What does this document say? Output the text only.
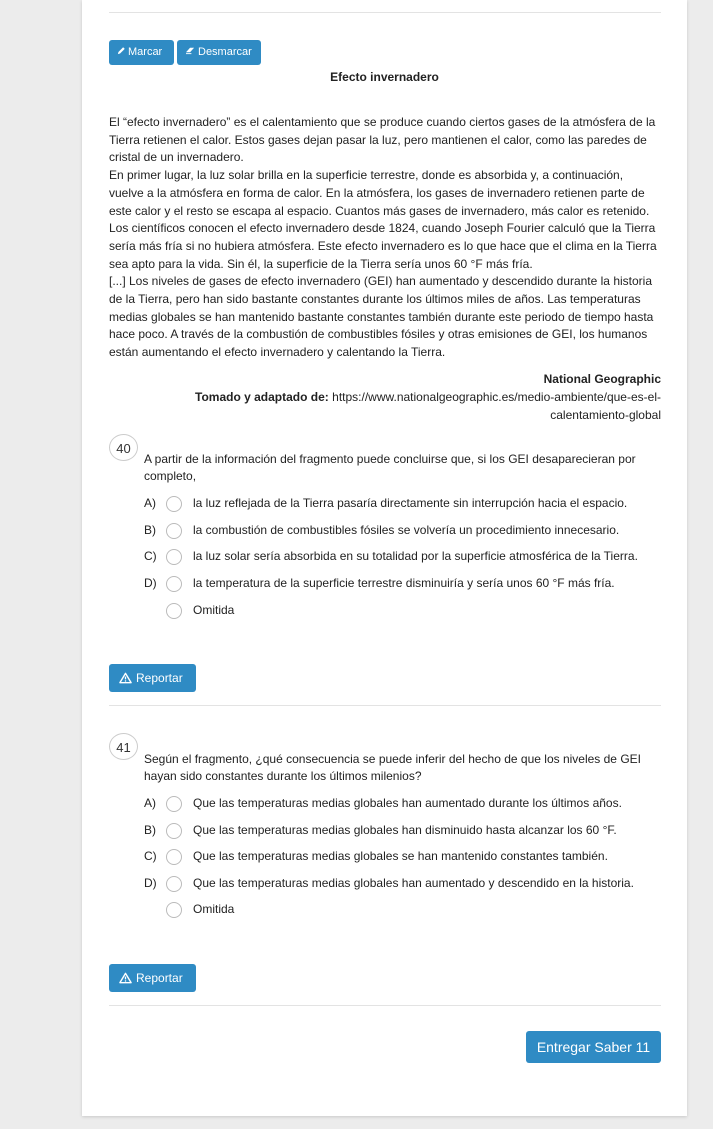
Marcar	Desmarcar
Efecto invernadero

El “efecto invernadero” es el calentamiento que se produce cuando ciertos gases de la atmósfera de la Tierra retienen el calor. Estos gases dejan pasar la luz, pero mantienen el calor, como las paredes de cristal de un invernadero.

En primer lugar, la luz solar brilla en la superficie terrestre, donde es absorbida y, a continuación, vuelve a la atmósfera en forma de calor. En la atmósfera, los gases de invernadero retienen parte de este calor y el resto se escapa al espacio. Cuantos más gases de invernadero, más calor es retenido.

Los científicos conocen el efecto invernadero desde 1824, cuando Joseph Fourier calculó que la Tierra sería más fría si no hubiera atmósfera. Este efecto invernadero es lo que hace que el clima en la Tierra sea apto para la vida. Sin él, la superficie de la Tierra sería unos 60 °F más fría.

[...] Los niveles de gases de efecto invernadero (GEI) han aumentado y descendido durante la historia de la Tierra, pero han sido bastante constantes durante los últimos miles de años. Las temperaturas medias globales se han mantenido bastante constantes también durante este periodo de tiempo hasta hace poco. A través de la combustión de combustibles fósiles y otras emisiones de GEI, los humanos están aumentando el efecto invernadero y calentando la Tierra.

National Geographic
Tomado y adaptado de: https://www.nationalgeographic.es/medio-ambiente/que-es-el-calentamiento-global
40
A partir de la información del fragmento puede concluirse que, si los GEI desaparecieran por completo,
A)	la luz reflejada de la Tierra pasaría directamente sin interrupción hacia el espacio.
B)	la combustión de combustibles fósiles se volvería un procedimiento innecesario.
C)	la luz solar sería absorbida en su totalidad por la superficie atmosférica de la Tierra.
D)	la temperatura de la superficie terrestre disminuiría y sería unos 60 °F más fría.
Omitida
Reportar
41
Según el fragmento, ¿qué consecuencia se puede inferir del hecho de que los niveles de GEI hayan sido constantes durante los últimos milenios?
A)	Que las temperaturas medias globales han aumentado durante los últimos años.
B)	Que las temperaturas medias globales han disminuido hasta alcanzar los 60 °F.
C)	Que las temperaturas medias globales se han mantenido constantes también.
D)	Que las temperaturas medias globales han aumentado y descendido en la historia.
Omitida
Reportar
Entregar Saber 11
